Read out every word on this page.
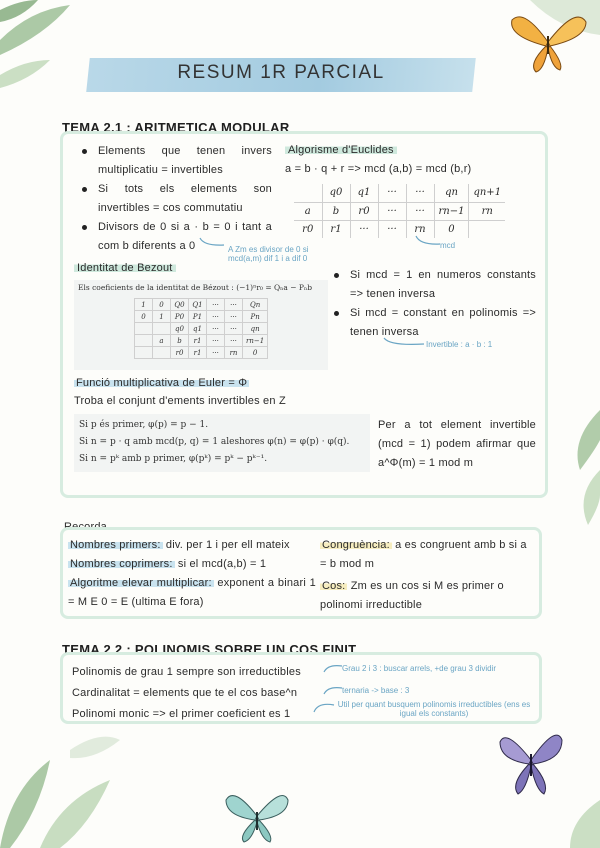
RESUM 1R PARCIAL
TEMA 2.1 : ARITMETICA MODULAR
Elements que tenen invers multiplicatiu = invertibles
Si tots els elements son invertibles = cos commutatiu
Divisors de 0 si a · b = 0 i tant a com b diferents a 0	A Zm es divisor de 0 si mcd(a,m) dif 1 i a dif 0
Algorisme d'Euclides
a = b · q + r => mcd (a,b) = mcd (b,r)
	q0	q1	···	···	qn	qn+1
a	b	r0	···	···	rn−1	rn
r0	r1	···	···	rn	0	
mcd
Identitat de Bezout
Els coeficients de la identitat de Bézout : (−1)ⁿr₀ = Qₙa − Pₙb
1	0	Q0	Q1	···	···	Qn
0	1	P0	P1	···	···	Pn
		q0	q1	···	···	qn
	a	b	r1	···	···	rn−1
		r0	r1	···	rn	0
Si mcd = 1 en numeros constants => tenen inversa
Si mcd = constant en polinomis => tenen inversa
Invertible : a · b : 1
Funció multiplicativa de Euler = Φ
Troba el conjunt d'ements invertibles en Z
Si p és primer, φ(p) = p − 1.
Si n = p · q amb mcd(p, q) = 1 aleshores φ(n) = φ(p) · φ(q).
Si n = pᵏ amb p primer, φ(pᵏ) = pᵏ − pᵏ⁻¹.
Per a tot element invertible (mcd = 1) podem afirmar que a^Φ(m) = 1 mod m
Recorda
Nombres primers: div. per 1 i per ell mateix
Nombres coprimers: si el mcd(a,b) = 1
Algoritme elevar multiplicar: exponent a binari 1 = M E 0 = E (ultima E fora)
Congruència: a es congruent amb b si a = b mod m
Cos: Zm es un cos si M es primer o polinomi irreductible
TEMA 2.2 : POLINOMIS SOBRE UN COS FINIT
Polinomis de grau 1 sempre son irreductibles
Cardinalitat = elements que te el cos base^n
Polinomi monic => el primer coeficient es 1
Grau 2 i 3 : buscar arrels, +de grau 3 dividir
ternaria -> base : 3
Util per quant busquem polinomis irreductibles (ens es igual els constants)
